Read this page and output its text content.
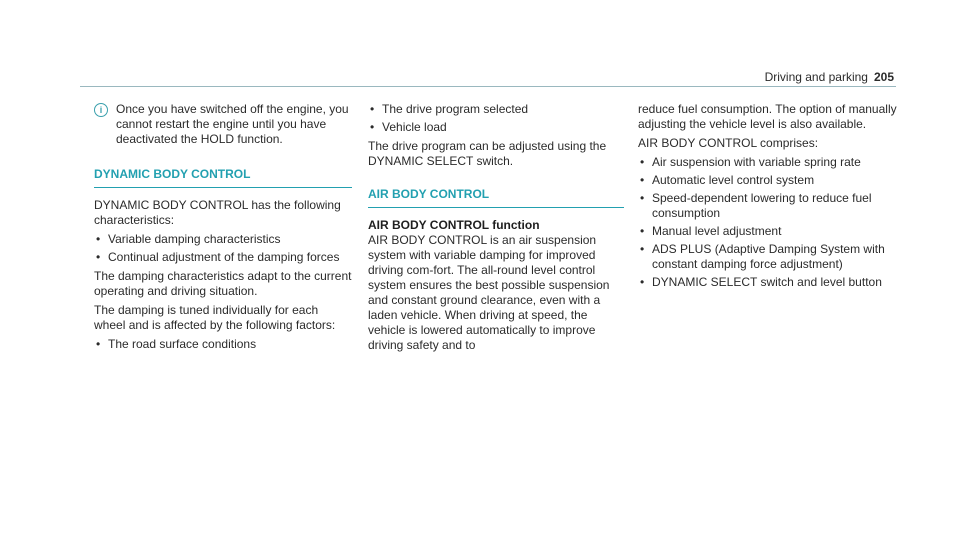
Driving and parking 205
i	Once you have switched off the engine, you cannot restart the engine until you have deactivated the HOLD function.
DYNAMIC BODY CONTROL

DYNAMIC BODY CONTROL has the following characteristics:

• Variable damping characteristics
• Continual adjustment of the damping forces

The damping characteristics adapt to the current operating and driving situation.

The damping is tuned individually for each wheel and is affected by the following factors:

• The road surface conditions
• The drive program selected
• Vehicle load

The drive program can be adjusted using the DYNAMIC SELECT switch.

AIR BODY CONTROL

AIR BODY CONTROL function

AIR BODY CONTROL is an air suspension system with variable damping for improved driving com-fort. The all-round level control system ensures the best possible suspension and constant ground clearance, even with a laden vehicle. When driving at speed, the vehicle is lowered automatically to improve driving safety and to

reduce fuel consumption. The option of manually adjusting the vehicle level is also available.

AIR BODY CONTROL comprises:

• Air suspension with variable spring rate
• Automatic level control system
• Speed-dependent lowering to reduce fuel consumption
• Manual level adjustment
• ADS PLUS (Adaptive Damping System with constant damping force adjustment)
• DYNAMIC SELECT switch and level button
